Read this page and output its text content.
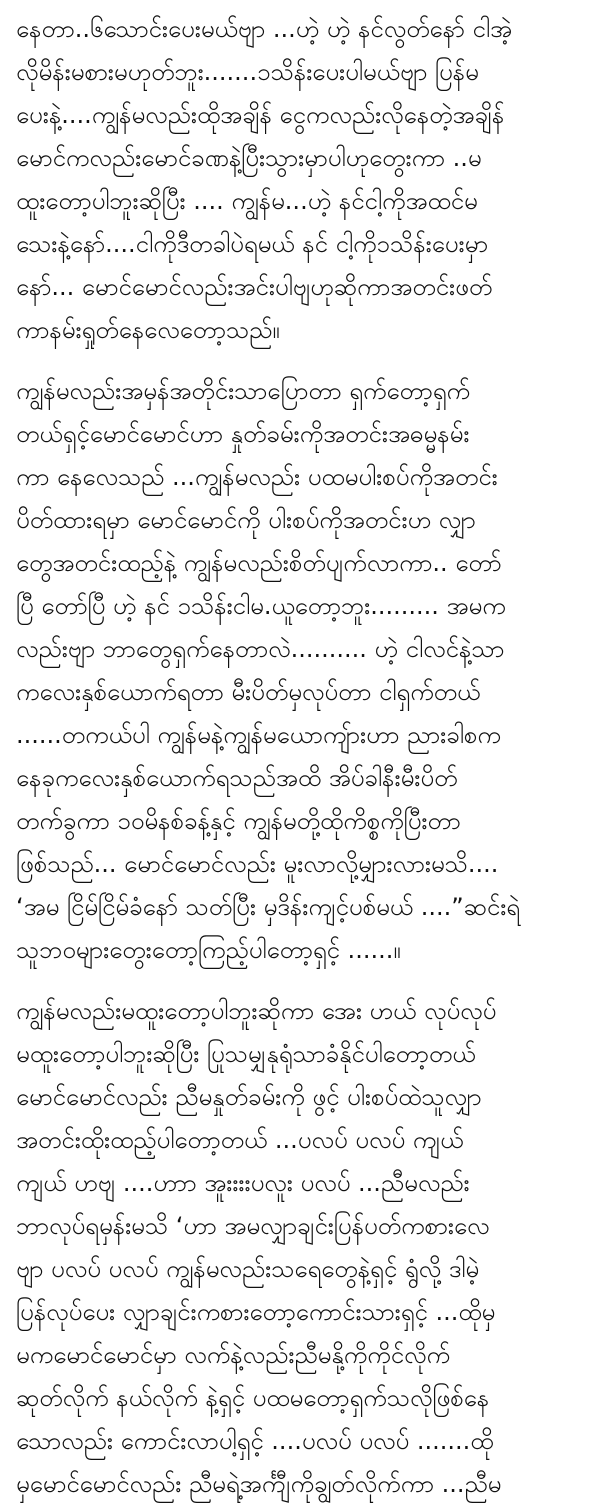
နေတာ..၆သောင်းပေးမယ်ဗျာ ...ဟဲ့ ဟဲ့ နင်လွတ်နော် ငါအဲ့
လိုမိန်းမစားမဟုတ်ဘူး.......၁သိန်းပေးပါမယ်ဗျာ ပြန်မ
ပေးနဲ့....ကျွန်မလည်းထိုအချိန် ငွေကလည်းလိုနေတဲ့အချိန်
မောင်ကလည်းမောင်ခဏနဲ့ပြီးသွားမှာပါဟုတွေးကာ ..မ
ထူးတော့ပါဘူးဆိုပြီး .... ကျွန်မ...ဟဲ့ နင်ငါ့ကိုအထင်မ
သေးနဲ့နော်....ငါကိုဒီတခါပဲရမယ် နင် ငါ့ကို၁သိန်းပေးမှာ
နော်... မောင်မောင်လည်းအင်းပါဗျဟုဆိုကာအတင်းဖတ်
ကာနမ်းရှုတ်နေလေတော့သည်။
ကျွန်မလည်းအမှန်အတိုင်းသာပြောတာ ရှက်တော့ရှက်
တယ်ရှင့်မောင်မောင်ဟာ နှုတ်ခမ်းကိုအတင်းအဓမ္မနမ်း
ကာ နေလေသည် ...ကျွန်မလည်း ပထမပါးစပ်ကိုအတင်း
ပိတ်ထားရမှာ မောင်မောင်ကို ပါးစပ်ကိုအတင်းဟ လျှာ
တွေအတင်းထည့်နဲ့ ကျွန်မလည်းစိတ်ပျက်လာကာ.. တော်
ပြီ တော်ပြီ ဟဲ့ နင် ၁သိန်းငါမ.ယူတော့ဘူး......... အမက
လည်းဗျာ ဘာတွေရှက်နေတာလဲ.......... ဟဲ့ ငါလင်နဲ့သာ
ကလေးနှစ်ယောက်ရတာ မီးပိတ်မှလုပ်တာ ငါရှက်တယ်
......တကယ်ပါ ကျွန်မနဲ့ကျွန်မယောကျ်ားဟာ ညားခါစက
နေခုကလေးနှစ်ယောက်ရသည်အထိ အိပ်ခါနီးမီးပိတ်
တက်ခွကာ ၁၀မိနစ်ခန့်နှင့် ကျွန်မတို့ထိုကိစ္စကိုပြီးတာ
ဖြစ်သည်... မောင်မောင်လည်း မူးလာလို့မျှားလားမသိ....
‘အမ ငြိမ်ငြိမ်ခံနော် သတ်ပြီး မှဒိန်းကျင့်ပစ်မယ် ....”ဆင်းရဲ
သူဘဝများတွေးတော့ကြည့်ပါတော့ရှင့် ......။
ကျွန်မလည်းမထူးတော့ပါဘူးဆိုကာ အေး ဟယ် လုပ်လုပ်
မထူးတော့ပါဘူးဆိုပြီး ပြုသမျှနုရုံသာခံနိုင်ပါတော့တယ်
မောင်မောင်လည်း ညီမနှုတ်ခမ်းကို ဖွင့် ပါးစပ်ထဲသူလျှာ
အတင်းထိုးထည့်ပါတော့တယ် ...ပလပ် ပလပ် ကျယ်
ကျယ် ဟဗျ ....ဟာာ အူးးးးပလူး ပလပ် ...ညီမလည်း
ဘာလုပ်ရမှန်းမသိ ‘ဟာ အမလျှာချင်းပြန်ပတ်ကစားလေ
ဗျာ ပလပ် ပလပ် ကျွန်မလည်းသရေတွေနဲ့ရှင့် ရွံလို့ ဒါမဲ့
ပြန်လုပ်ပေး လျှာချင်းကစားတော့ကောင်းသားရှင့် ...ထိုမှ
မကမောင်မောင်မှာ လက်နဲ့လည်းညီမနို့ကိုကိုင်လိုက်
ဆုတ်လိုက် နယ်လိုက် နဲ့ရှင့် ပထမတော့ရှက်သလိုဖြစ်နေ
သောလည်း ကောင်းလာပါ့ရှင့် ....ပလပ် ပလပ် .......ထို
မှမောင်မောင်လည်း ညီမရဲ့အင်္ကျီကိုချွတ်လိုက်ကာ ...ညီမ
